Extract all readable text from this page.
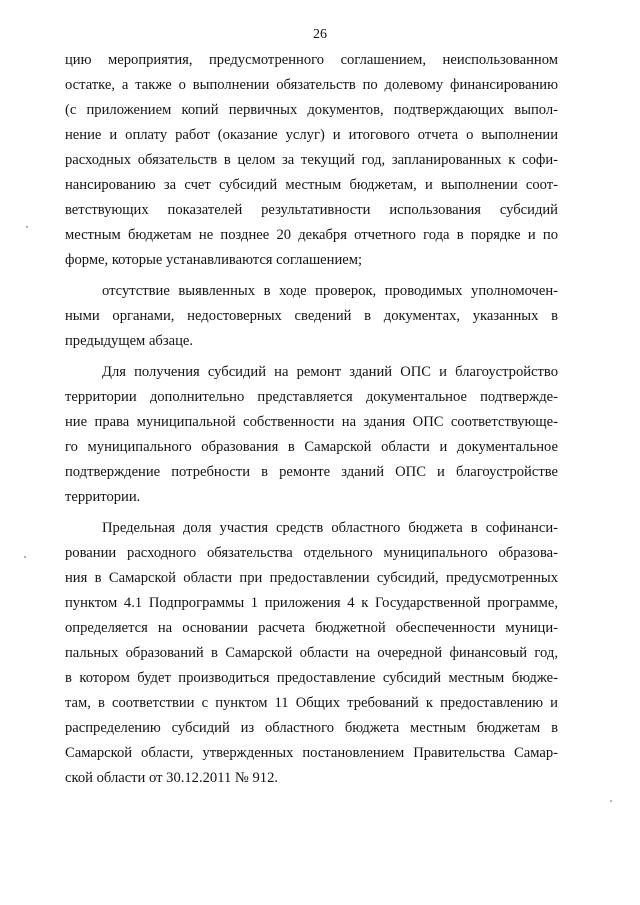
26
цию мероприятия, предусмотренного соглашением, неиспользованном
остатке, а также о выполнении обязательств по долевому финансированию
(с приложением копий первичных документов, подтверждающих выпол-
нение и оплату работ (оказание услуг) и итогового отчета о выполнении
расходных обязательств в целом за текущий год, запланированных к софи-
нансированию за счет субсидий местным бюджетам, и выполнении соот-
ветствующих показателей результативности использования субсидий
местным бюджетам не позднее 20 декабря отчетного года в порядке и по
форме, которые устанавливаются соглашением;
отсутствие выявленных в ходе проверок, проводимых уполномочен-
ными органами, недостоверных сведений в документах, указанных в
предыдущем абзаце.
Для получения субсидий на ремонт зданий ОПС и благоустройство
территории дополнительно представляется документальное подтвержде-
ние права муниципальной собственности на здания ОПС соответствующе-
го муниципального образования в Самарской области и документальное
подтверждение потребности в ремонте зданий ОПС и благоустройстве
территории.
Предельная доля участия средств областного бюджета в софинанси-
ровании расходного обязательства отдельного муниципального образова-
ния в Самарской области при предоставлении субсидий, предусмотренных
пунктом 4.1 Подпрограммы 1 приложения 4 к Государственной программе,
определяется на основании расчета бюджетной обеспеченности муници-
пальных образований в Самарской области на очередной финансовый год,
в котором будет производиться предоставление субсидий местным бюдже-
там, в соответствии с пунктом 11 Общих требований к предоставлению и
распределению субсидий из областного бюджета местным бюджетам в
Самарской области, утвержденных постановлением Правительства Самар-
ской области от 30.12.2011 № 912.
